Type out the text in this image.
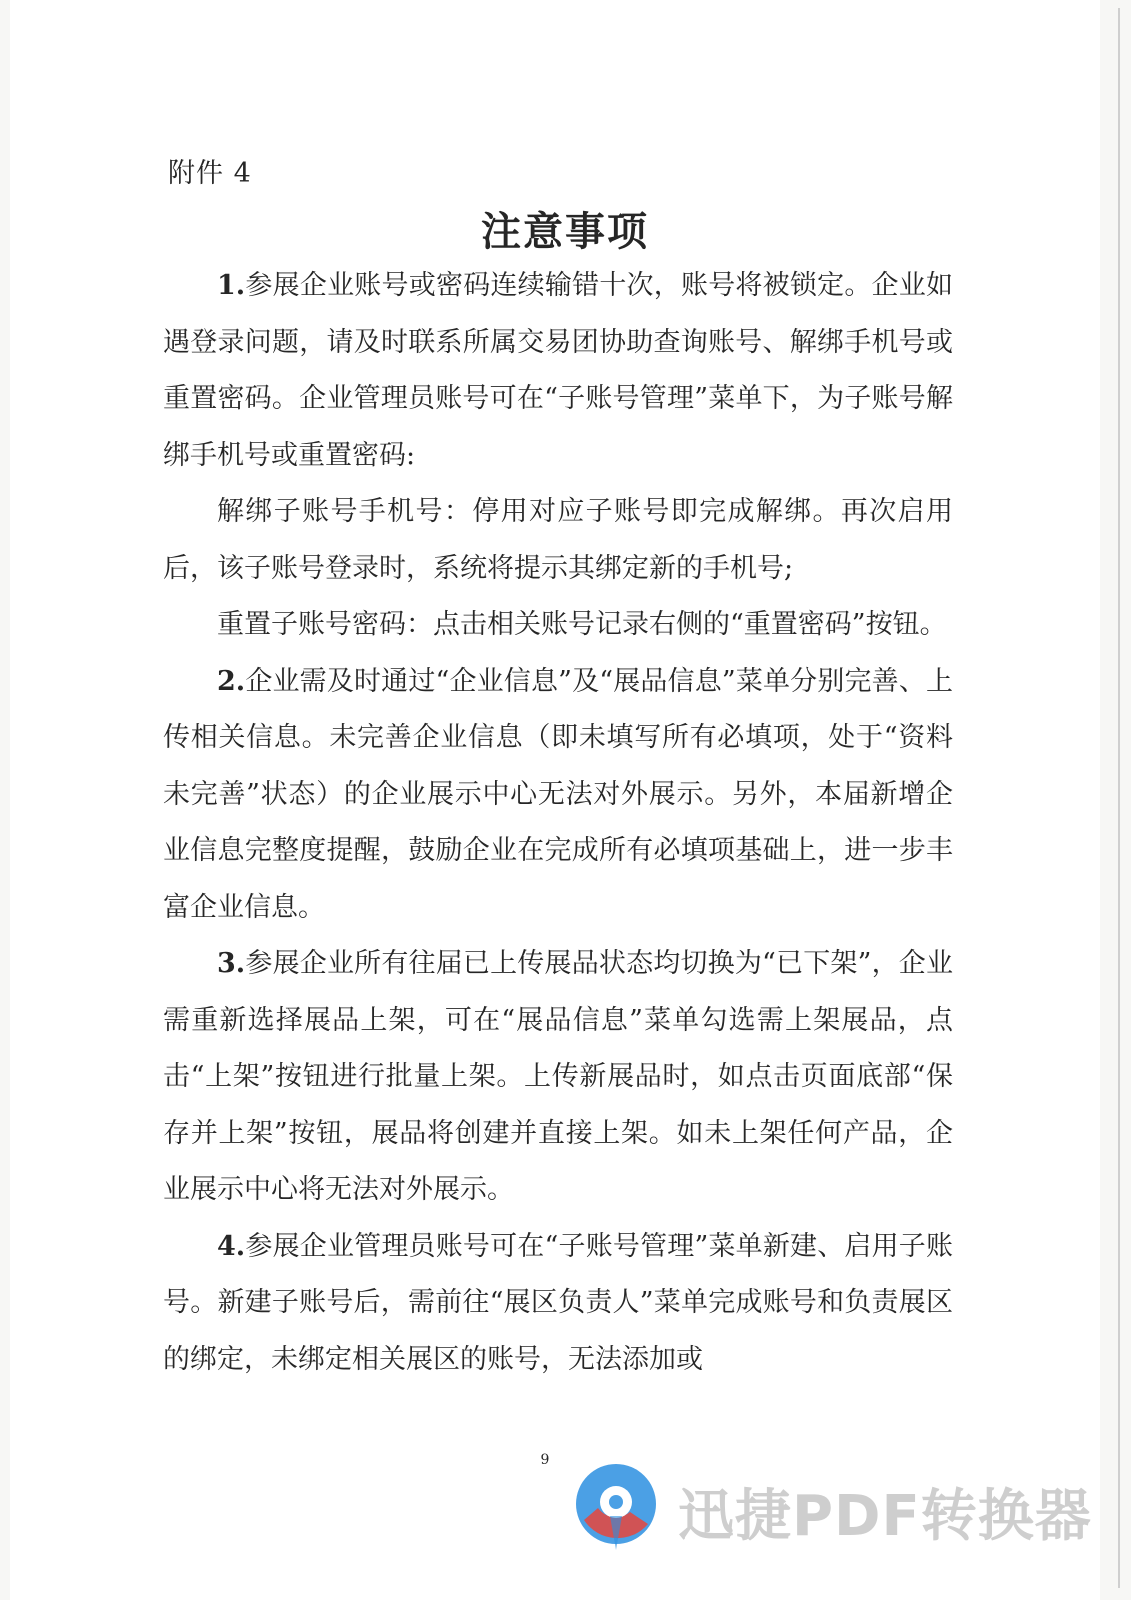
附件 4
注意事项

1.参展企业账号或密码连续输错十次，账号将被锁定。企业如遇登录问题，请及时联系所属交易团协助查询账号、解绑手机号或重置密码。企业管理员账号可在“子账号管理”菜单下，为子账号解绑手机号或重置密码:

解绑子账号手机号：停用对应子账号即完成解绑。再次启用后，该子账号登录时，系统将提示其绑定新的手机号;

重置子账号密码：点击相关账号记录右侧的“重置密码”按钮。

2.企业需及时通过“企业信息”及“展品信息”菜单分别完善、上传相关信息。未完善企业信息（即未填写所有必填项，处于“资料未完善”状态）的企业展示中心无法对外展示。另外，本届新增企业信息完整度提醒，鼓励企业在完成所有必填项基础上，进一步丰富企业信息。

3.参展企业所有往届已上传展品状态均切换为“已下架”，企业需重新选择展品上架，可在“展品信息”菜单勾选需上架展品，点击“上架”按钮进行批量上架。上传新展品时，如点击页面底部“保存并上架”按钮，展品将创建并直接上架。如未上架任何产品，企业展示中心将无法对外展示。

4.参展企业管理员账号可在“子账号管理”菜单新建、启用子账号。新建子账号后，需前往“展区负责人”菜单完成账号和负责展区的绑定，未绑定相关展区的账号，无法添加或

9
迅捷PDF转换器
